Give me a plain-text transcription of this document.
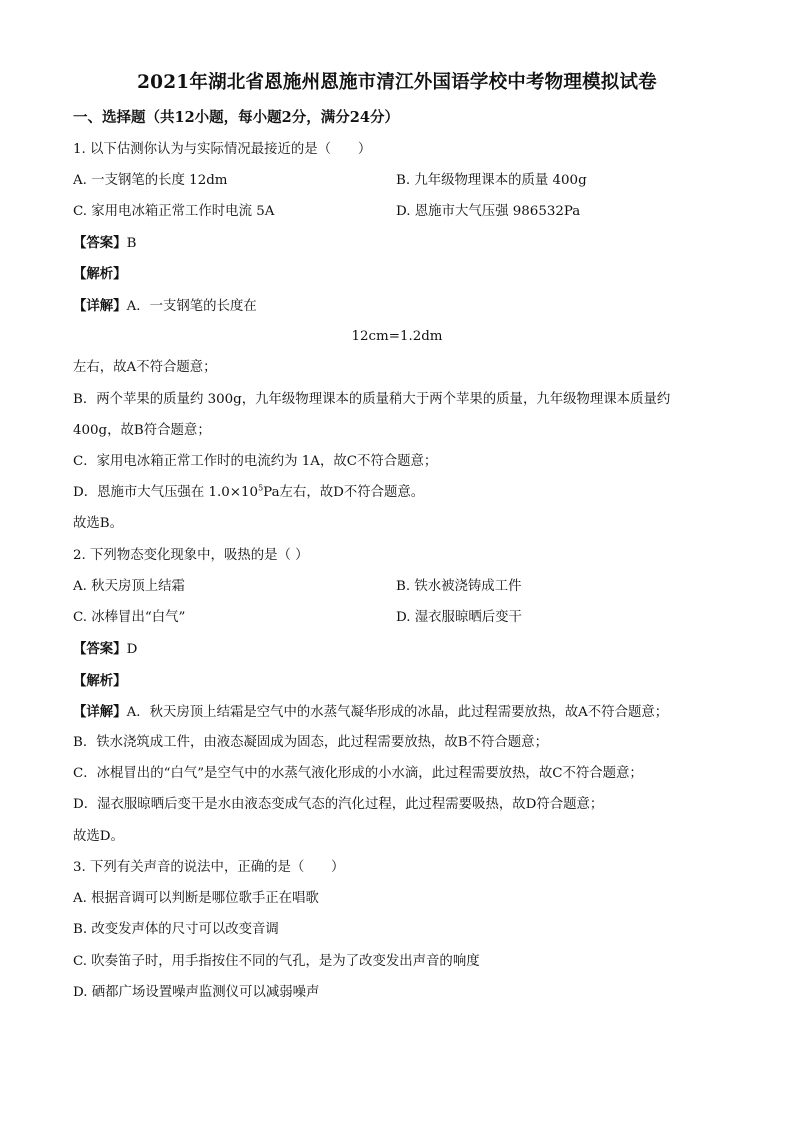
2021年湖北省恩施州恩施市清江外国语学校中考物理模拟试卷
一、选择题（共12小题，每小题2分，满分24分）
1. 以下估测你认为与实际情况最接近的是（　　）
A. 一支钢笔的长度 12dm	B. 九年级物理课本的质量 400g
C. 家用电冰箱正常工作时电流 5A	D. 恩施市大气压强 986532Pa
【答案】B
【解析】
【详解】A．一支钢笔的长度在
12cm=1.2dm
左右，故A不符合题意；
B．两个苹果的质量约 300g，九年级物理课本的质量稍大于两个苹果的质量，九年级物理课本质量约
400g，故B符合题意；
C．家用电冰箱正常工作时的电流约为 1A，故C不符合题意；
D．恩施市大气压强在 $1.0\times 10^5Pa$左右，故D不符合题意。
故选B。
2. 下列物态变化现象中，吸热的是（ ）
A. 秋天房顶上结霜	B. 铁水被浇铸成工件
C. 冰棒冒出“白气”	D. 湿衣服晾晒后变干
【答案】D
【解析】
【详解】A．秋天房顶上结霜是空气中的水蒸气凝华形成的冰晶，此过程需要放热，故A不符合题意；
B．铁水浇筑成工件，由液态凝固成为固态，此过程需要放热，故B不符合题意；
C．冰棍冒出的“白气”是空气中的水蒸气液化形成的小水滴，此过程需要放热，故C不符合题意；
D．湿衣服晾晒后变干是水由液态变成气态的汽化过程，此过程需要吸热，故D符合题意；
故选D。
3. 下列有关声音的说法中，正确的是（　　）
A. 根据音调可以判断是哪位歌手正在唱歌
B. 改变发声体的尺寸可以改变音调
C. 吹奏笛子时，用手指按住不同的气孔，是为了改变发出声音的响度
D. 硒都广场设置噪声监测仪可以减弱噪声
